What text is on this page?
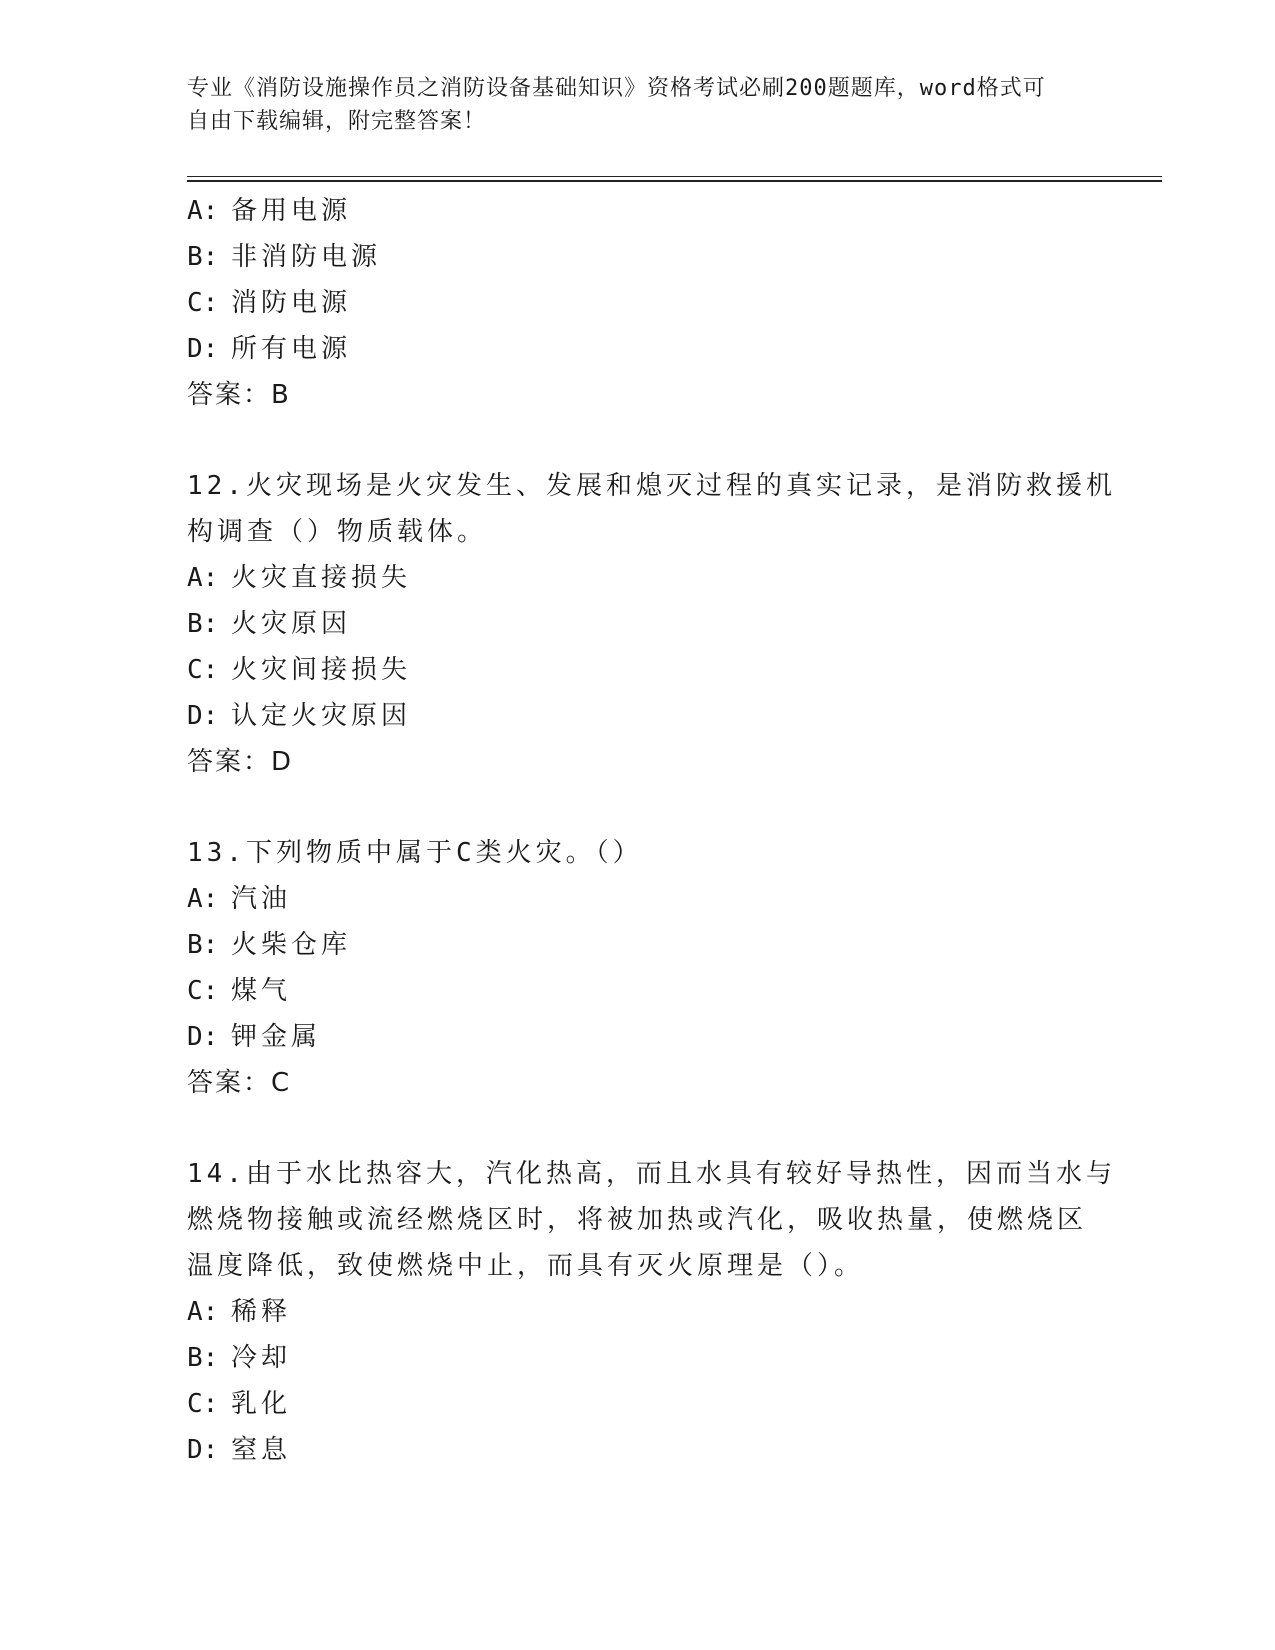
专业《消防设施操作员之消防设备基础知识》资格考试必刷200题题库，word格式可自由下载编辑，附完整答案！
A: 备用电源
B: 非消防电源
C: 消防电源
D: 所有电源
答案：B
12.火灾现场是火灾发生、发展和熄灭过程的真实记录，是消防救援机
构调查（）物质载体。
A: 火灾直接损失
B: 火灾原因
C: 火灾间接损失
D: 认定火灾原因
答案：D
13.下列物质中属于C类火灾。（）
A: 汽油
B: 火柴仓库
C: 煤气
D: 钾金属
答案：C
14.由于水比热容大，汽化热高，而且水具有较好导热性，因而当水与
燃烧物接触或流经燃烧区时，将被加热或汽化，吸收热量，使燃烧区
温度降低，致使燃烧中止，而具有灭火原理是（）。
A: 稀释
B: 冷却
C: 乳化
D: 窒息
